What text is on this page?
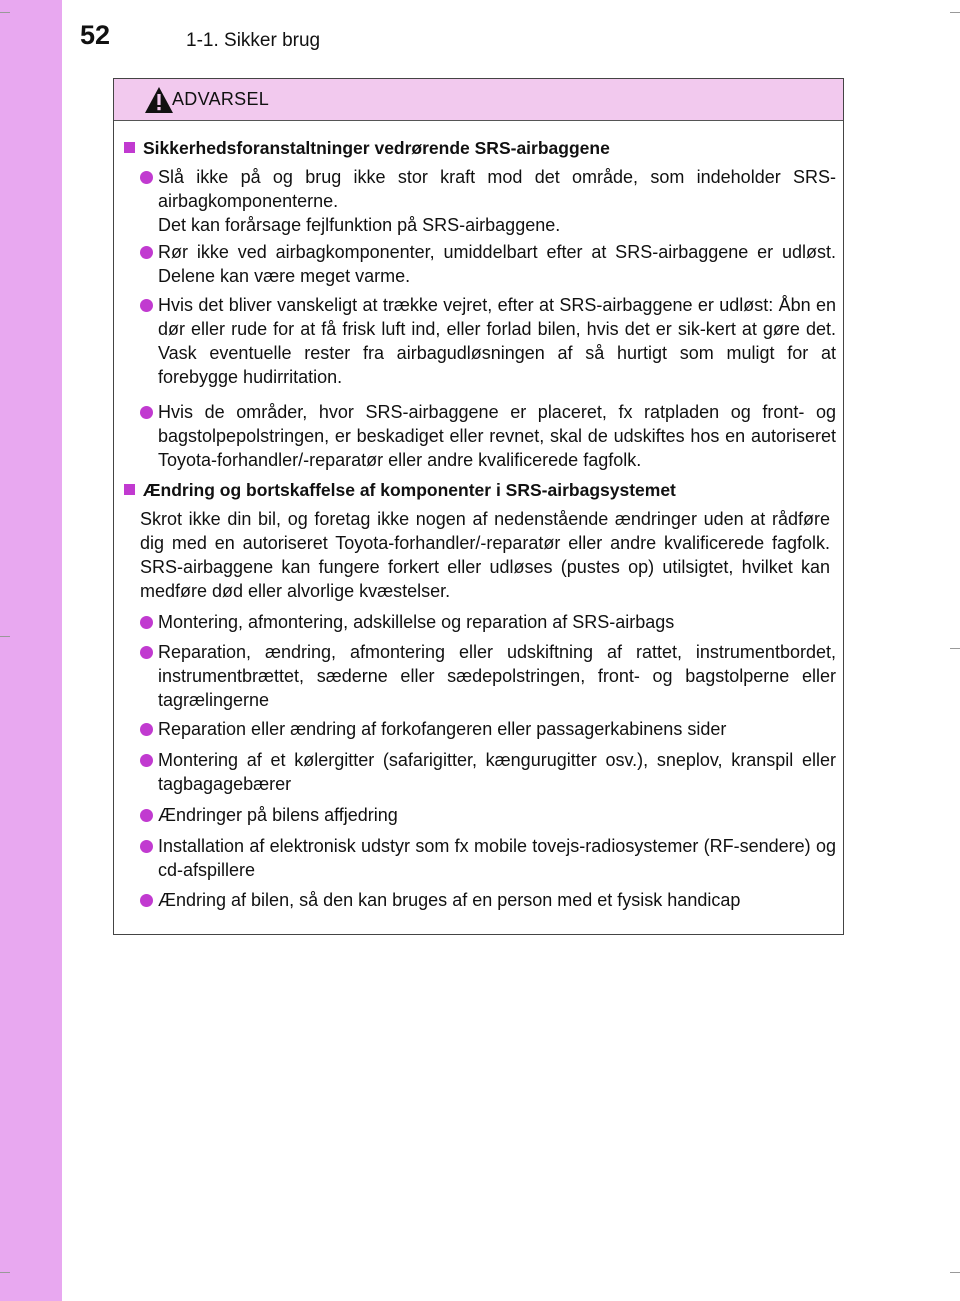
52	1-1. Sikker brug
ADVARSEL
Sikkerhedsforanstaltninger vedrørende SRS-airbaggene
Slå ikke på og brug ikke stor kraft mod det område, som indeholder SRS-airbagkomponenterne.
Det kan forårsage fejlfunktion på SRS-airbaggene.
Rør ikke ved airbagkomponenter, umiddelbart efter at SRS-airbaggene er udløst. Delene kan være meget varme.
Hvis det bliver vanskeligt at trække vejret, efter at SRS-airbaggene er udløst: Åbn en dør eller rude for at få frisk luft ind, eller forlad bilen, hvis det er sik-kert at gøre det. Vask eventuelle rester fra airbagudløsningen af så hurtigt som muligt for at forebygge hudirritation.
Hvis de områder, hvor SRS-airbaggene er placeret, fx ratpladen og front- og bagstolpepolstringen, er beskadiget eller revnet, skal de udskiftes hos en autoriseret Toyota-forhandler/-reparatør eller andre kvalificerede fagfolk.
Ændring og bortskaffelse af komponenter i SRS-airbagsystemet
Skrot ikke din bil, og foretag ikke nogen af nedenstående ændringer uden at rådføre dig med en autoriseret Toyota-forhandler/-reparatør eller andre kvalificerede fagfolk. SRS-airbaggene kan fungere forkert eller udløses (pustes op) utilsigtet, hvilket kan medføre død eller alvorlige kvæstelser.
Montering, afmontering, adskillelse og reparation af SRS-airbags
Reparation, ændring, afmontering eller udskiftning af rattet, instrumentbordet, instrumentbrættet, sæderne eller sædepolstringen, front- og bagstolperne eller tagrælingerne
Reparation eller ændring af forkofangeren eller passagerkabinens sider
Montering af et kølergitter (safarigitter, kængurugitter osv.), sneplov, kranspil eller tagbagagebærer
Ændringer på bilens affjedring
Installation af elektronisk udstyr som fx mobile tovejs-radiosystemer (RF-sendere) og cd-afspillere
Ændring af bilen, så den kan bruges af en person med et fysisk handicap
